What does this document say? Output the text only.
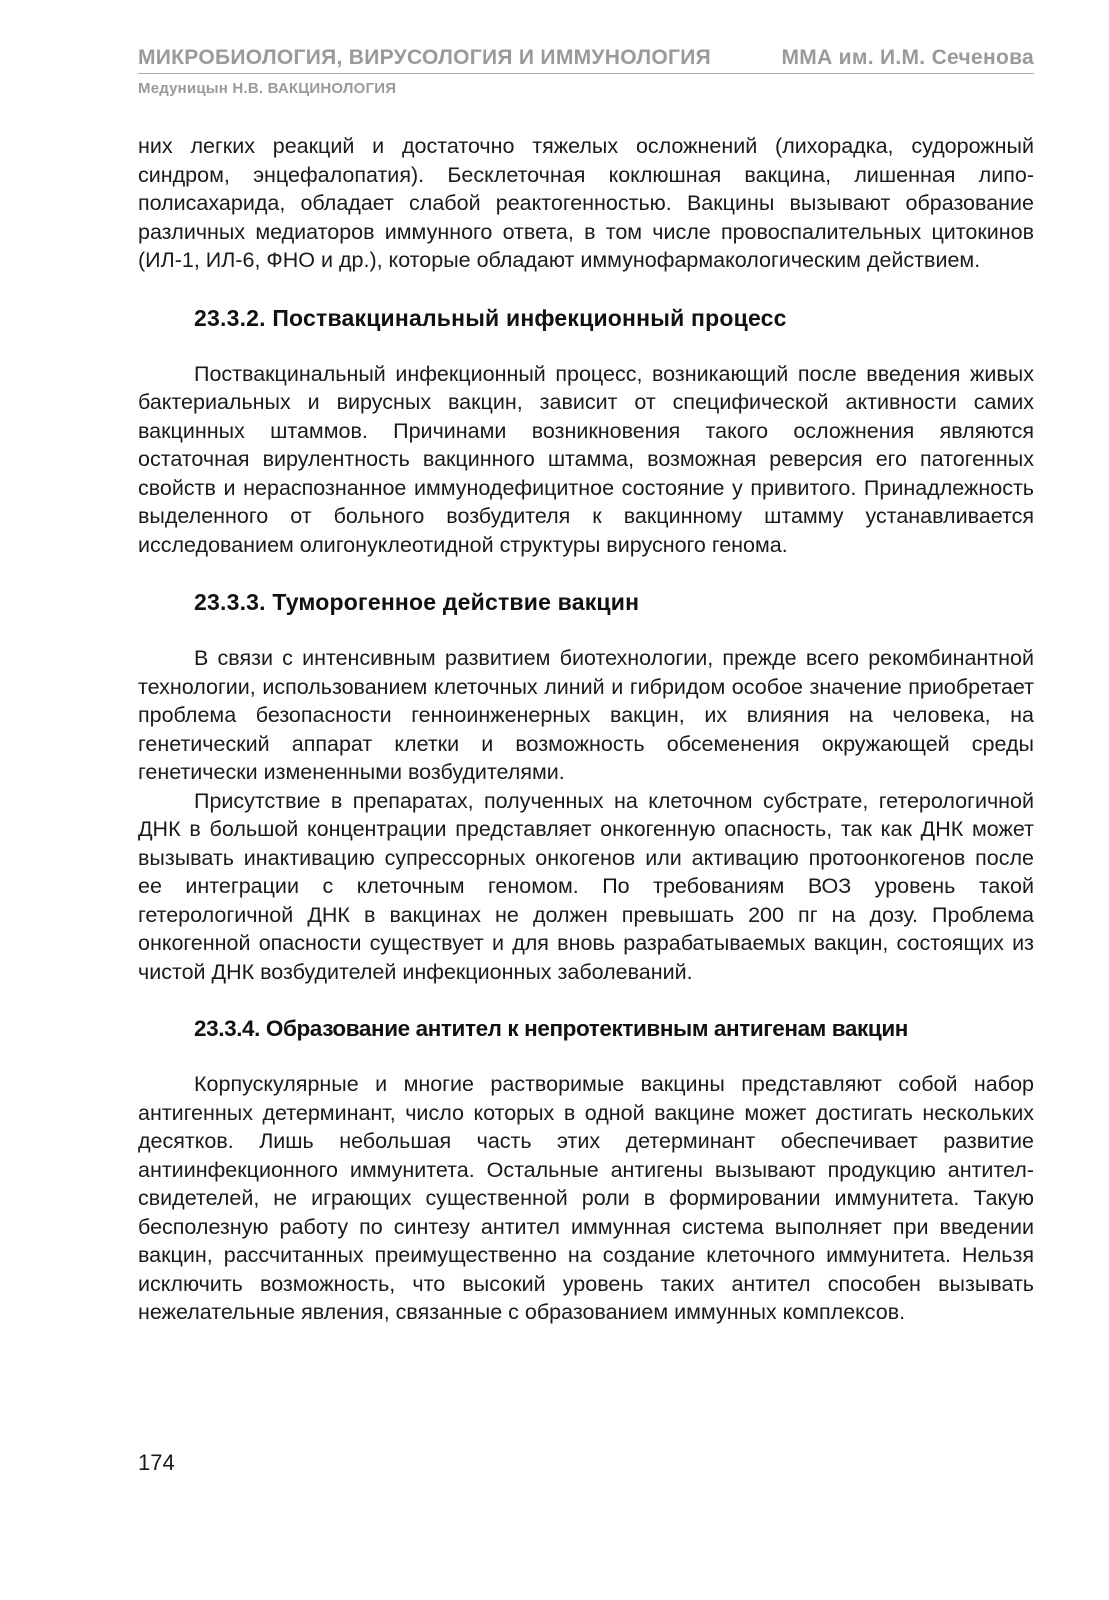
МИКРОБИОЛОГИЯ, ВИРУСОЛОГИЯ И ИММУНОЛОГИЯ	ММА им. И.М. Сеченова
Медуницын Н.В. ВАКЦИНОЛОГИЯ

них легких реакций и достаточно тяжелых осложнений (лихорадка, судорожный синдром, энцефалопатия). Бесклеточная коклюшная вакцина, лишенная липополисахарида, обладает слабой реактогенностью. Вакцины вызывают образование различных медиаторов иммунного ответа, в том числе провоспалительных цитокинов (ИЛ-1, ИЛ-6, ФНО и др.), которые обладают иммунофармакологическим действием.

23.3.2. Поствакцинальный инфекционный процесс

Поствакцинальный инфекционный процесс, возникающий после введения живых бактериальных и вирусных вакцин, зависит от специфической активности самих вакцинных штаммов. Причинами возникновения такого осложнения являются остаточная вирулентность вакцинного штамма, возможная реверсия его патогенных свойств и нераспознанное иммунодефицитное состояние у привитого. Принадлежность выделенного от больного возбудителя к вакцинному штамму устанавливается исследованием олигонуклеотидной структуры вирусного генома.

23.3.3. Туморогенное действие вакцин

В связи с интенсивным развитием биотехнологии, прежде всего рекомбинантной технологии, использованием клеточных линий и гибридом особое значение приобретает проблема безопасности генноинженерных вакцин, их влияния на человека, на генетический аппарат клетки и возможность обсеменения окружающей среды генетически измененными возбудителями.

Присутствие в препаратах, полученных на клеточном субстрате, гетерологичной ДНК в большой концентрации представляет онкогенную опасность, так как ДНК может вызывать инактивацию супрессорных онкогенов или активацию протоонкогенов после ее интеграции с клеточным геномом. По требованиям ВОЗ уровень такой гетерологичной ДНК в вакцинах не должен превышать 200 пг на дозу. Проблема онкогенной опасности существует и для вновь разрабатываемых вакцин, состоящих из чистой ДНК возбудителей инфекционных заболеваний.

23.3.4. Образование антител к непротективным антигенам вакцин

Корпускулярные и многие растворимые вакцины представляют собой набор антигенных детерминант, число которых в одной вакцине может достигать нескольких десятков. Лишь небольшая часть этих детерминант обеспечивает развитие антиинфекционного иммунитета. Остальные антигены вызывают продукцию антител-свидетелей, не играющих существенной роли в формировании иммунитета. Такую бесполезную работу по синтезу антител иммунная система выполняет при введении вакцин, рассчитанных преимущественно на создание клеточного иммунитета. Нельзя исключить возможность, что высокий уровень таких антител способен вызывать нежелательные явления, связанные с образованием иммунных комплексов.

174
